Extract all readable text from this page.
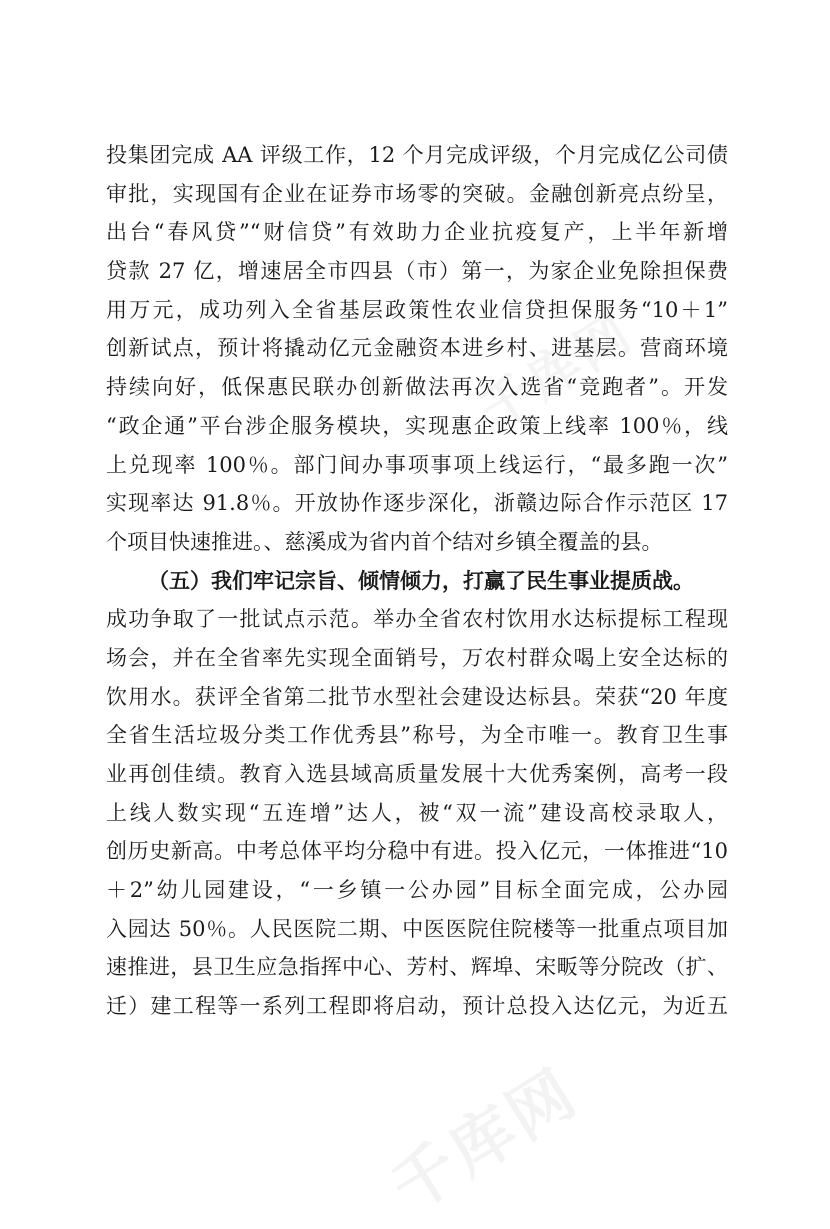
千库网
千库网
投集团完成 AA 评级工作，12 个月完成评级，个月完成亿公司债
审批，实现国有企业在证券市场零的突破。金融创新亮点纷呈，
出台“春风贷”“财信贷”有效助力企业抗疫复产，上半年新增
贷款 27 亿，增速居全市四县（市）第一，为家企业免除担保费
用万元，成功列入全省基层政策性农业信贷担保服务“10＋1”
创新试点，预计将撬动亿元金融资本进乡村、进基层。营商环境
持续向好，低保惠民联办创新做法再次入选省“竞跑者”。开发
“政企通”平台涉企服务模块，实现惠企政策上线率 100％，线
上兑现率 100％。部门间办事项事项上线运行，“最多跑一次”
实现率达 91.8％。开放协作逐步深化，浙赣边际合作示范区 17
个项目快速推进。、慈溪成为省内首个结对乡镇全覆盖的县。
（五）我们牢记宗旨、倾情倾力，打赢了民生事业提质战。
成功争取了一批试点示范。举办全省农村饮用水达标提标工程现
场会，并在全省率先实现全面销号，万农村群众喝上安全达标的
饮用水。获评全省第二批节水型社会建设达标县。荣获“20 年度
全省生活垃圾分类工作优秀县”称号，为全市唯一。教育卫生事
业再创佳绩。教育入选县域高质量发展十大优秀案例，高考一段
上线人数实现“五连增”达人，被“双一流”建设高校录取人，
创历史新高。中考总体平均分稳中有进。投入亿元，一体推进“10
＋2”幼儿园建设，“一乡镇一公办园”目标全面完成，公办园
入园达 50％。人民医院二期、中医医院住院楼等一批重点项目加
速推进，县卫生应急指挥中心、芳村、辉埠、宋畈等分院改（扩、
迁）建工程等一系列工程即将启动，预计总投入达亿元，为近五
